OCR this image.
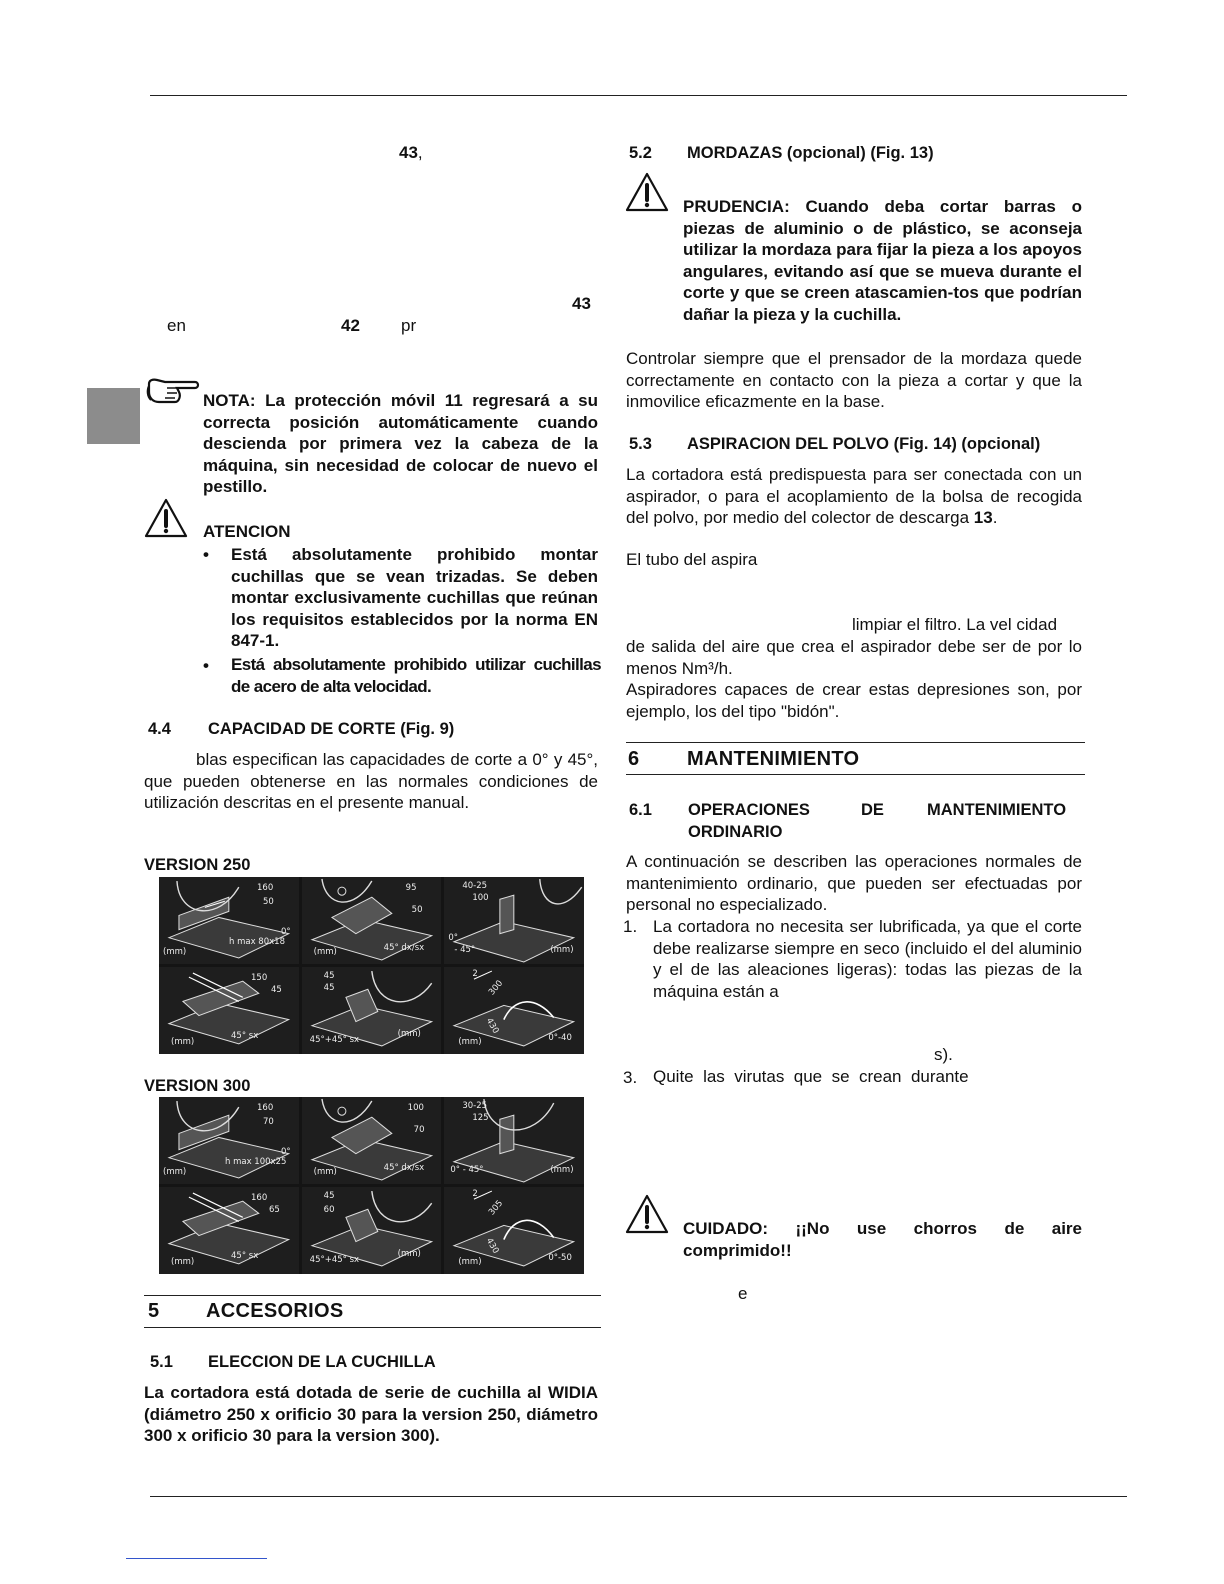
43,
43
en	42 pr
NOTA: La protección móvil 11 regresará a su correcta posición automáticamente cuando descienda por primera vez la cabeza de la máquina, sin necesidad de colocar de nuevo el pestillo.
ATENCION
• Está absolutamente prohibido montar cuchillas que se vean trizadas. Se deben montar exclusivamente cuchillas que reúnan los requisitos establecidos por la norma EN 847-1.
• Está absolutamente prohibido utilizar cuchillas de acero de alta velocidad.
4.4 CAPACIDAD DE CORTE (Fig. 9)
blas especifican las capacidades de corte a 0° y 45°, que pueden obtenerse en las normales condiciones de utilización descritas en el presente manual.
VERSION 250
160
50
0°
h max 80x18
(mm)
95
50
45° dx/sx
(mm)
40-25
100
0°
- 45°	(mm)
150
45
45° sx
(mm)
45
45
45°+45° sx
(mm)
2
300
430
0°-40
(mm)
VERSION 300
160
70
0°
h max 100x25
(mm)
100
70
45° dx/sx
(mm)
30-25
125
0° - 45°	(mm)
160
65
45° sx
(mm)
45
60
45°+45° sx
(mm)
2
305
430
0°-50
(mm)
5 ACCESORIOS
5.1 ELECCION DE LA CUCHILLA
La cortadora está dotada de serie de cuchilla al WIDIA (diámetro 250 x orificio 30 para la version 250, diámetro 300 x orificio 30 para la version 300).
5.2 MORDAZAS (opcional) (Fig. 13)
PRUDENCIA: Cuando deba cortar barras o piezas de aluminio o de plástico, se aconseja utilizar la mordaza para fijar la pieza a los apoyos angulares, evitando así que se mueva durante el corte y que se creen atascamien-tos que podrían dañar la pieza y la cuchilla.
Controlar siempre que el prensador de la mordaza quede correctamente en contacto con la pieza a cortar y que la inmovilice eficazmente en la base.
5.3 ASPIRACION DEL POLVO (Fig. 14) (opcional)
La cortadora está predispuesta para ser conectada con un aspirador, o para el acoplamiento de la bolsa de recogida del polvo, por medio del colector de descarga 13.
El tubo del aspira
limpiar el filtro. La vel cidad
de salida del aire que crea el aspirador debe ser de por lo menos Nm³/h.
Aspiradores capaces de crear estas depresiones son, por ejemplo, los del tipo "bidón".
6 MANTENIMIENTO
6.1 OPERACIONES	DE	MANTENIMIENTO
ORDINARIO
A continuación se describen las operaciones normales de mantenimiento ordinario, que pueden ser efectuadas por personal no especializado.
1. La cortadora no necesita ser lubrificada, ya que el corte debe realizarse siempre en seco (incluido el del aluminio y el de las aleaciones ligeras): todas las piezas de la máquina están a
s).
3. Quite  las  virutas  que  se  crean  durante
CUIDADO:   ¡¡No   use   chorros   de   aire comprimido!!
e
